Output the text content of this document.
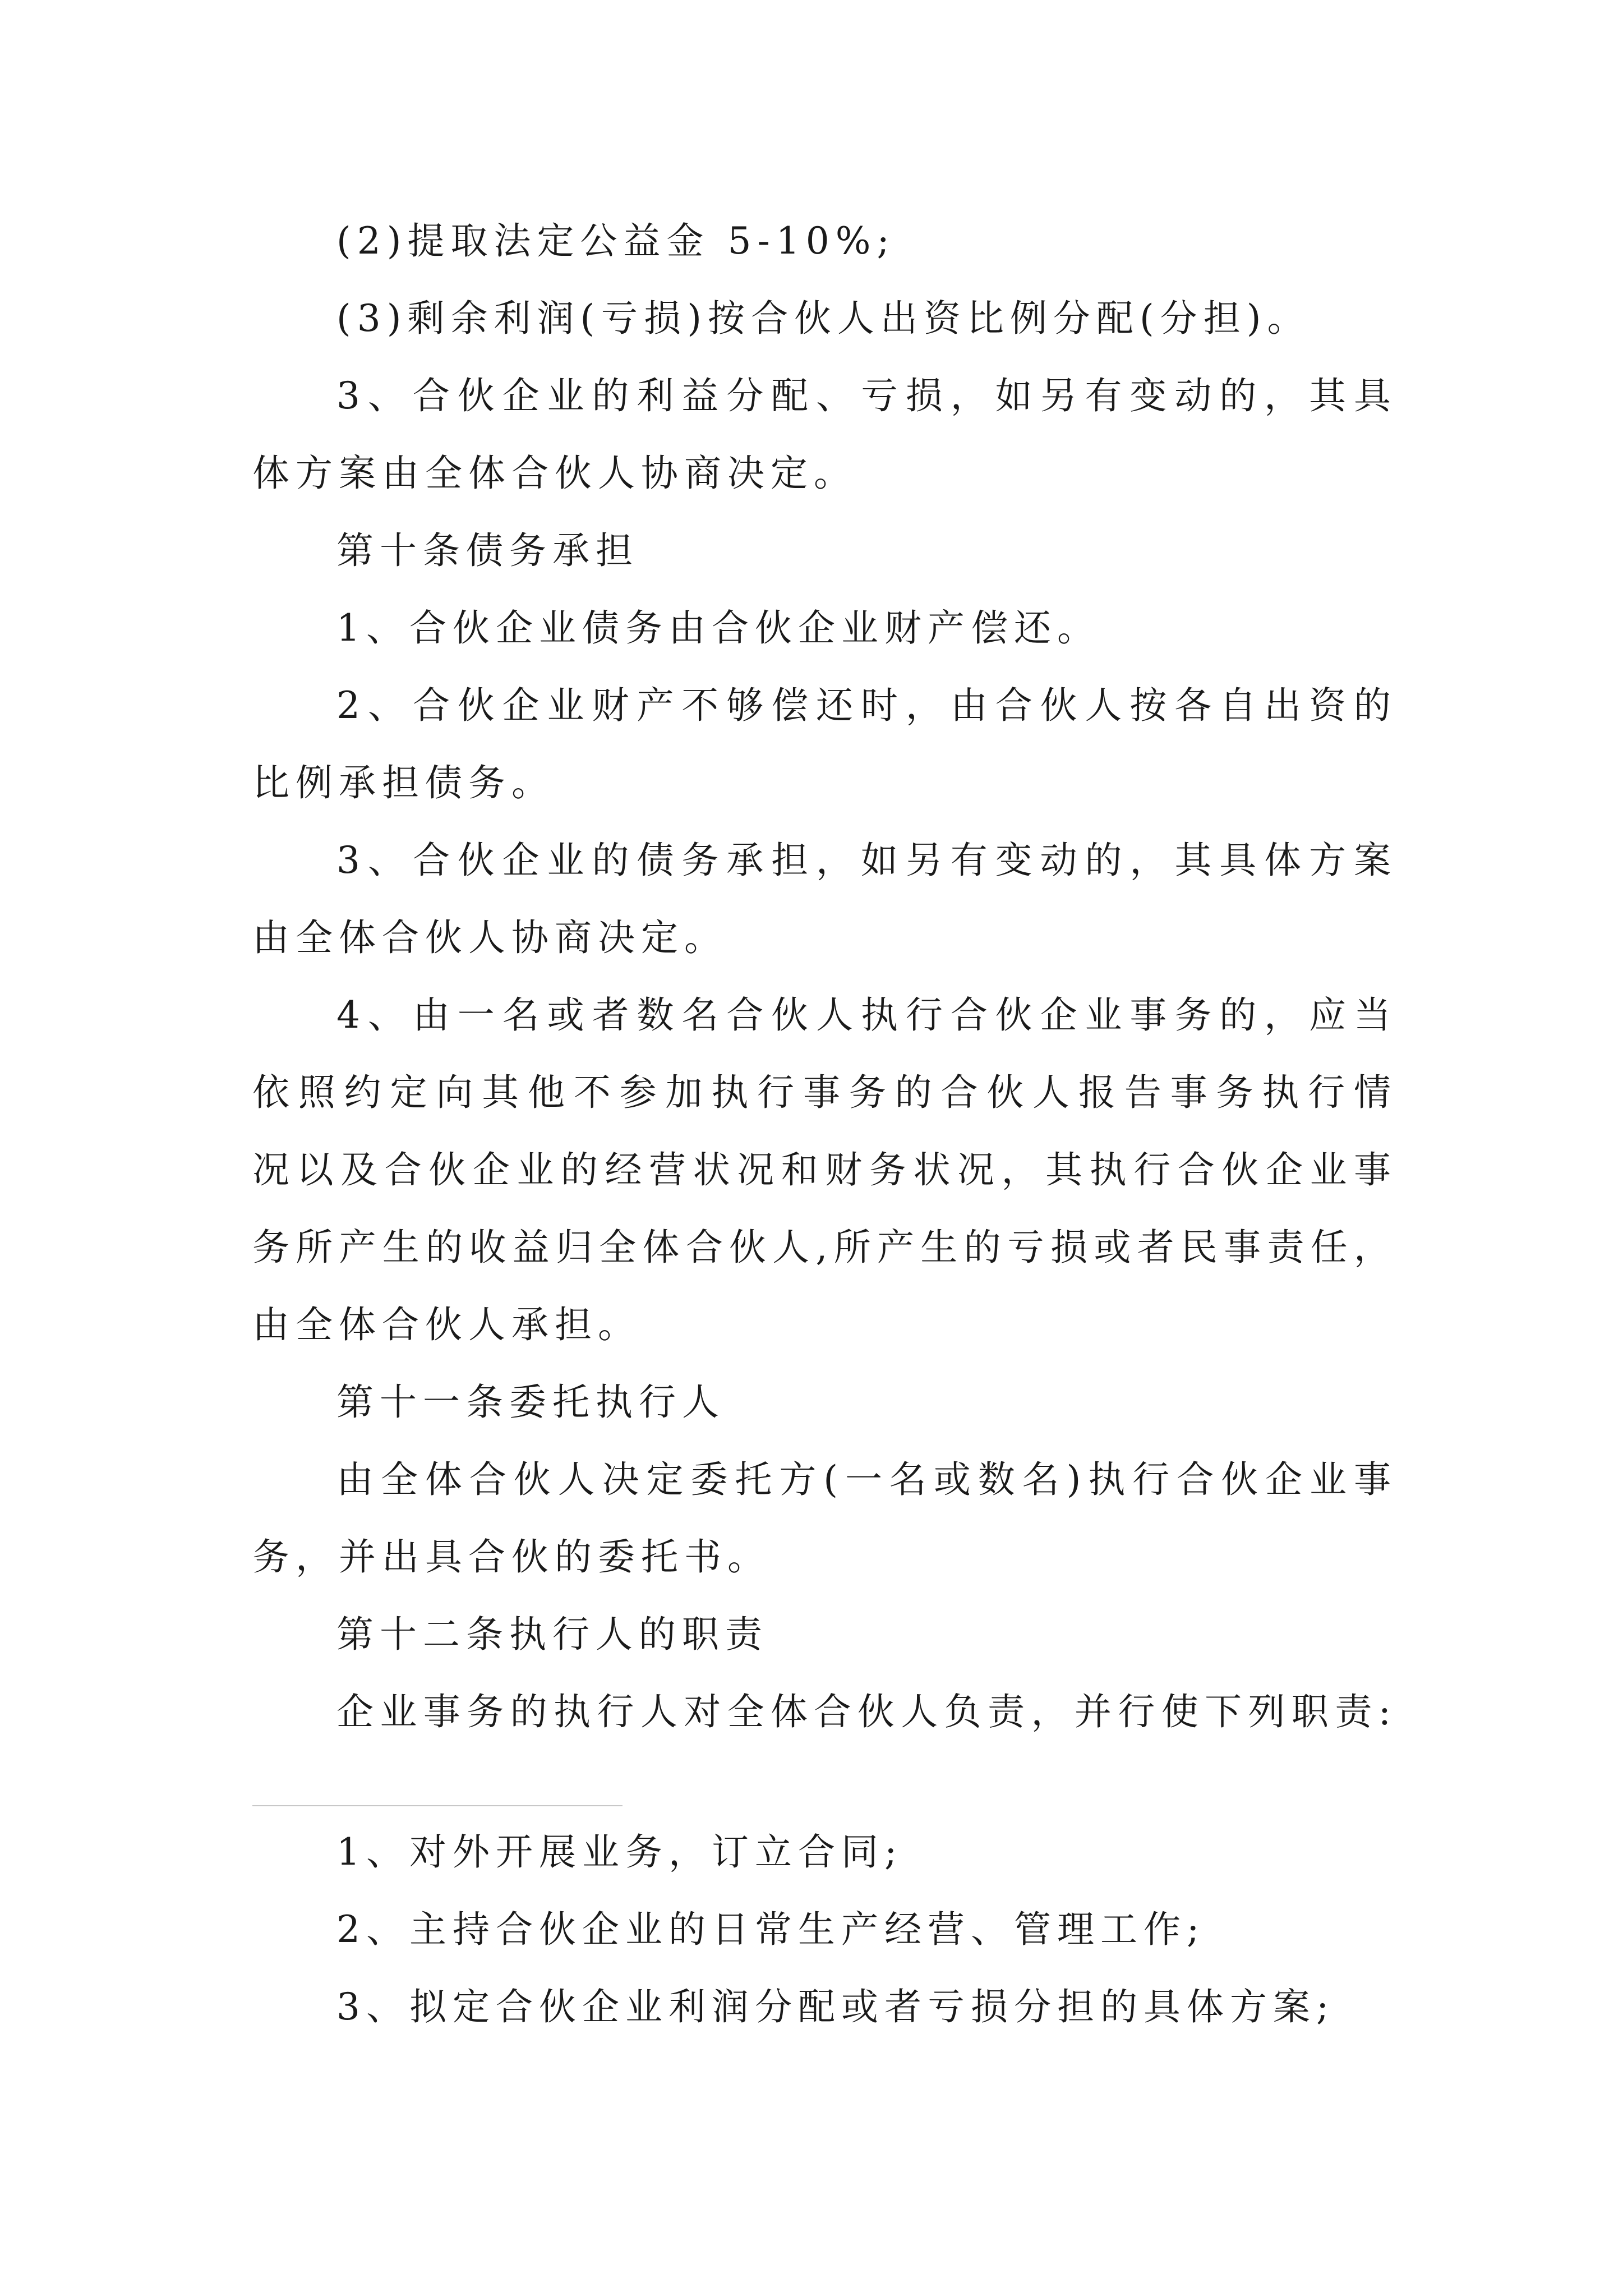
(2)提取法定公益金 5-10%;
(3)剩余利润(亏损)按合伙人出资比例分配(分担)。
3、合伙企业的利益分配、亏损，如另有变动的，其具
体方案由全体合伙人协商决定。
第十条债务承担
1、合伙企业债务由合伙企业财产偿还。
2、合伙企业财产不够偿还时，由合伙人按各自出资的
比例承担债务。
3、合伙企业的债务承担，如另有变动的，其具体方案
由全体合伙人协商决定。
4、由一名或者数名合伙人执行合伙企业事务的，应当
依照约定向其他不参加执行事务的合伙人报告事务执行情
况以及合伙企业的经营状况和财务状况，其执行合伙企业事
务所产生的收益归全体合伙人,所产生的亏损或者民事责任，
由全体合伙人承担。
第十一条委托执行人
由全体合伙人决定委托方(一名或数名)执行合伙企业事
务，并出具合伙的委托书。
第十二条执行人的职责
企业事务的执行人对全体合伙人负责，并行使下列职责:
1、对外开展业务，订立合同;
2、主持合伙企业的日常生产经营、管理工作;
3、拟定合伙企业利润分配或者亏损分担的具体方案;
